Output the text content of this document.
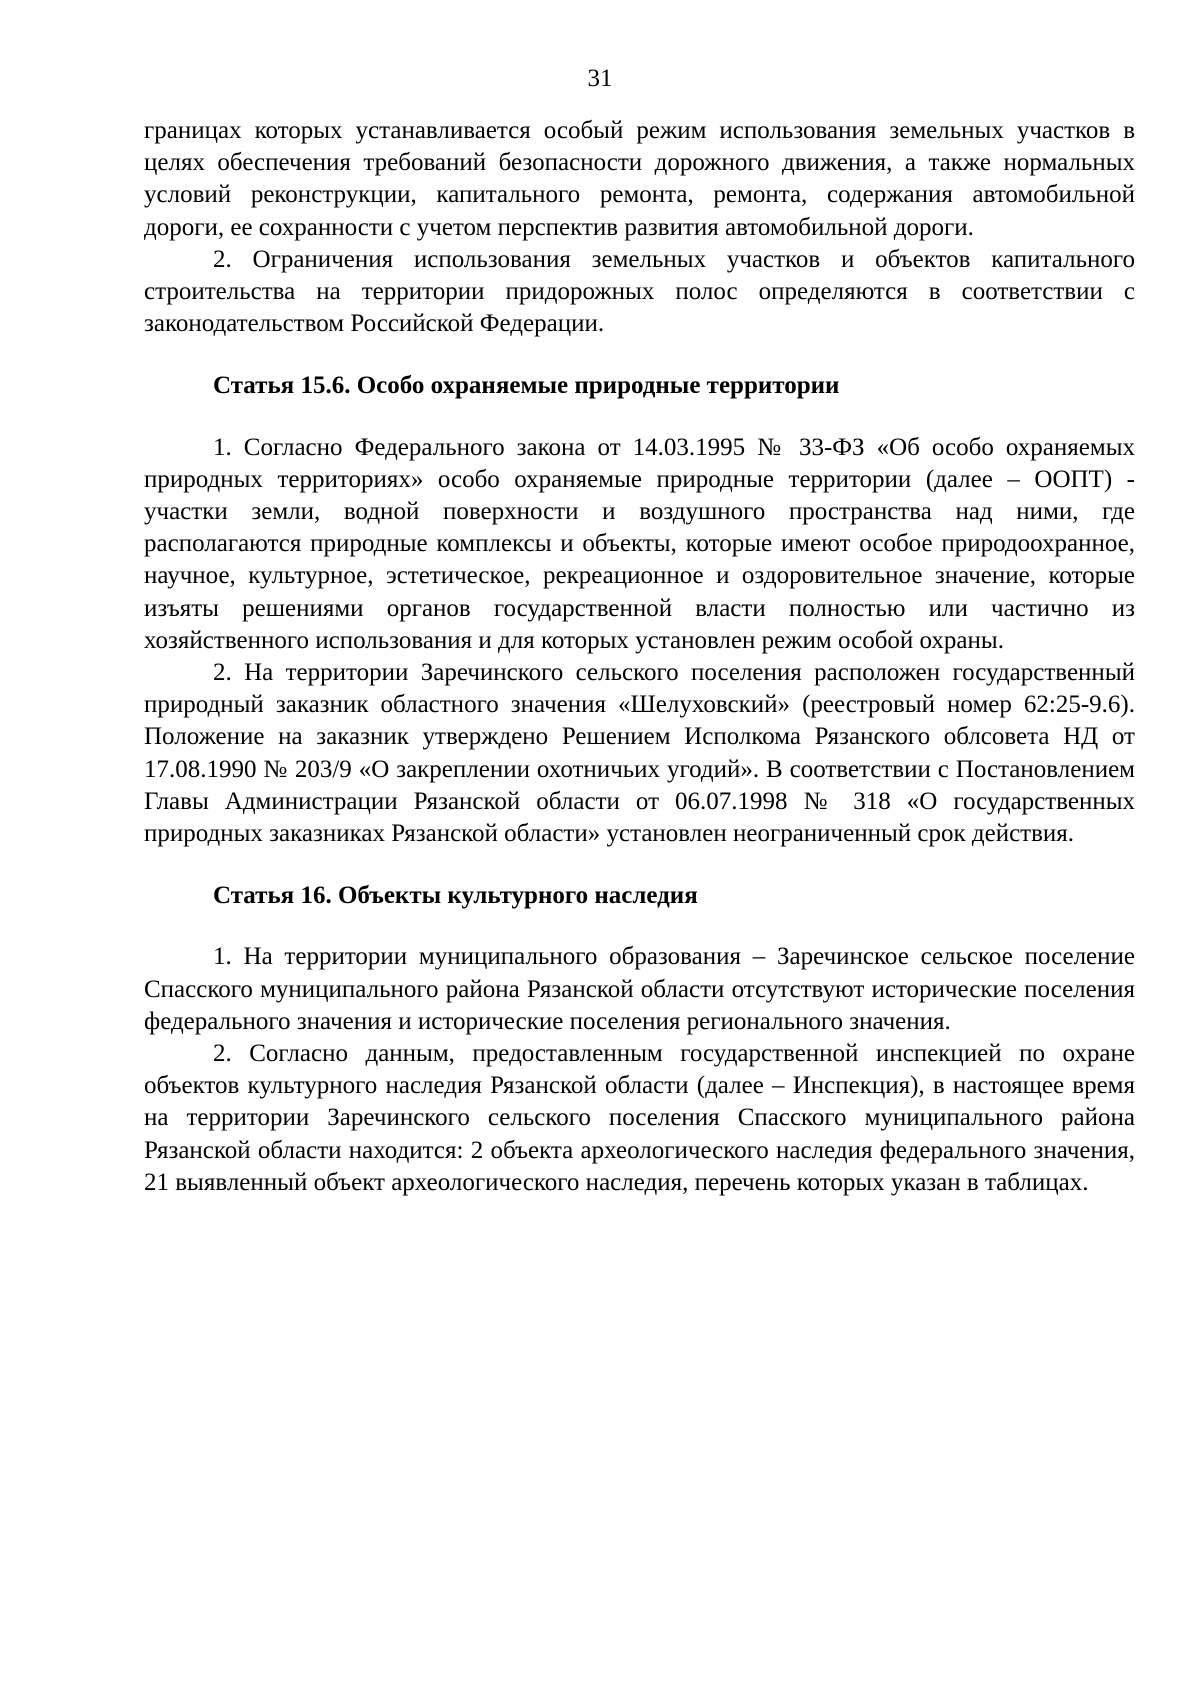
31

границах которых устанавливается особый режим использования земельных участков в целях обеспечения требований безопасности дорожного движения, а также нормальных условий реконструкции, капитального ремонта, ремонта, содержания автомобильной дороги, ее сохранности с учетом перспектив развития автомобильной дороги.

2. Ограничения использования земельных участков и объектов капитального строительства на территории придорожных полос определяются в соответствии с законодательством Российской Федерации.

Статья 15.6. Особо охраняемые природные территории

1. Согласно Федерального закона от 14.03.1995 № 33-ФЗ «Об особо охраняемых природных территориях» особо охраняемые природные территории (далее – ООПТ) - участки земли, водной поверхности и воздушного пространства над ними, где располагаются природные комплексы и объекты, которые имеют особое природоохранное, научное, культурное, эстетическое, рекреационное и оздоровительное значение, которые изъяты решениями органов государственной власти полностью или частично из хозяйственного использования и для которых установлен режим особой охраны.

2. На территории Заречинского сельского поселения расположен государственный природный заказник областного значения «Шелуховский» (реестровый номер 62:25-9.6). Положение на заказник утверждено Решением Исполкома Рязанского облсовета НД от 17.08.1990 № 203/9 «О закреплении охотничьих угодий». В соответствии с Постановлением Главы Администрации Рязанской области от 06.07.1998 № 318 «О государственных природных заказниках Рязанской области» установлен неограниченный срок действия.

Статья 16. Объекты культурного наследия

1. На территории муниципального образования – Заречинское сельское поселение Спасского муниципального района Рязанской области отсутствуют исторические поселения федерального значения и исторические поселения регионального значения.

2. Согласно данным, предоставленным государственной инспекцией по охране объектов культурного наследия Рязанской области (далее – Инспекция), в настоящее время на территории Заречинского сельского поселения Спасского муниципального района Рязанской области находится: 2 объекта археологического наследия федерального значения, 21 выявленный объект археологического наследия, перечень которых указан в таблицах.
